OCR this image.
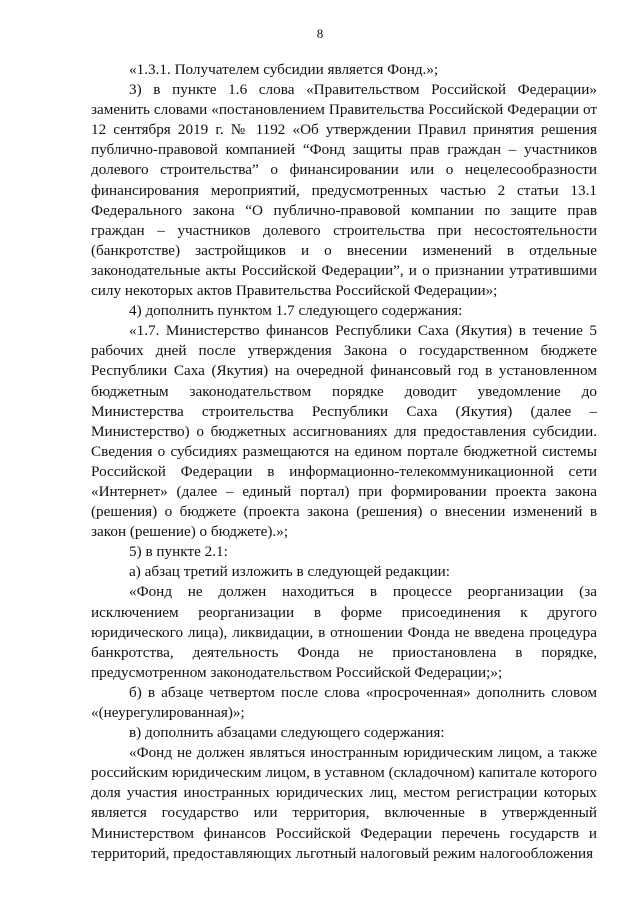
8

«1.3.1. Получателем субсидии является Фонд.»;

3) в пункте 1.6 слова «Правительством Российской Федерации» заменить словами «постановлением Правительства Российской Федерации от 12 сентября 2019 г. № 1192 «Об утверждении Правил принятия решения публично-правовой компанией “Фонд защиты прав граждан – участников долевого строительства” о финансировании или о нецелесообразности финансирования мероприятий, предусмотренных частью 2 статьи 13.1 Федерального закона “О публично-правовой компании по защите прав граждан – участников долевого строительства при несостоятельности (банкротстве) застройщиков и о внесении изменений в отдельные законодательные акты Российской Федерации”, и о признании утратившими силу некоторых актов Правительства Российской Федерации»;

4) дополнить пунктом 1.7 следующего содержания:

«1.7. Министерство финансов Республики Саха (Якутия) в течение 5 рабочих дней после утверждения Закона о государственном бюджете Республики Саха (Якутия) на очередной финансовый год в установленном бюджетным законодательством порядке доводит уведомление до Министерства строительства Республики Саха (Якутия) (далее – Министерство) о бюджетных ассигнованиях для предоставления субсидии. Сведения о субсидиях размещаются на едином портале бюджетной системы Российской Федерации в информационно-телекоммуникационной сети «Интернет» (далее – единый портал) при формировании проекта закона (решения) о бюджете (проекта закона (решения) о внесении изменений в закон (решение) о бюджете).»;

5) в пункте 2.1:

а) абзац третий изложить в следующей редакции:

«Фонд не должен находиться в процессе реорганизации (за исключением реорганизации в форме присоединения к другого юридического лица), ликвидации, в отношении Фонда не введена процедура банкротства, деятельность Фонда не приостановлена в порядке, предусмотренном законодательством Российской Федерации;»;

б) в абзаце четвертом после слова «просроченная» дополнить словом «(неурегулированная)»;

в) дополнить абзацами следующего содержания:

«Фонд не должен являться иностранным юридическим лицом, а также российским юридическим лицом, в уставном (складочном) капитале которого доля участия иностранных юридических лиц, местом регистрации которых является государство или территория, включенные в утвержденный Министерством финансов Российской Федерации перечень государств и территорий, предоставляющих льготный налоговый режим налогообложения
